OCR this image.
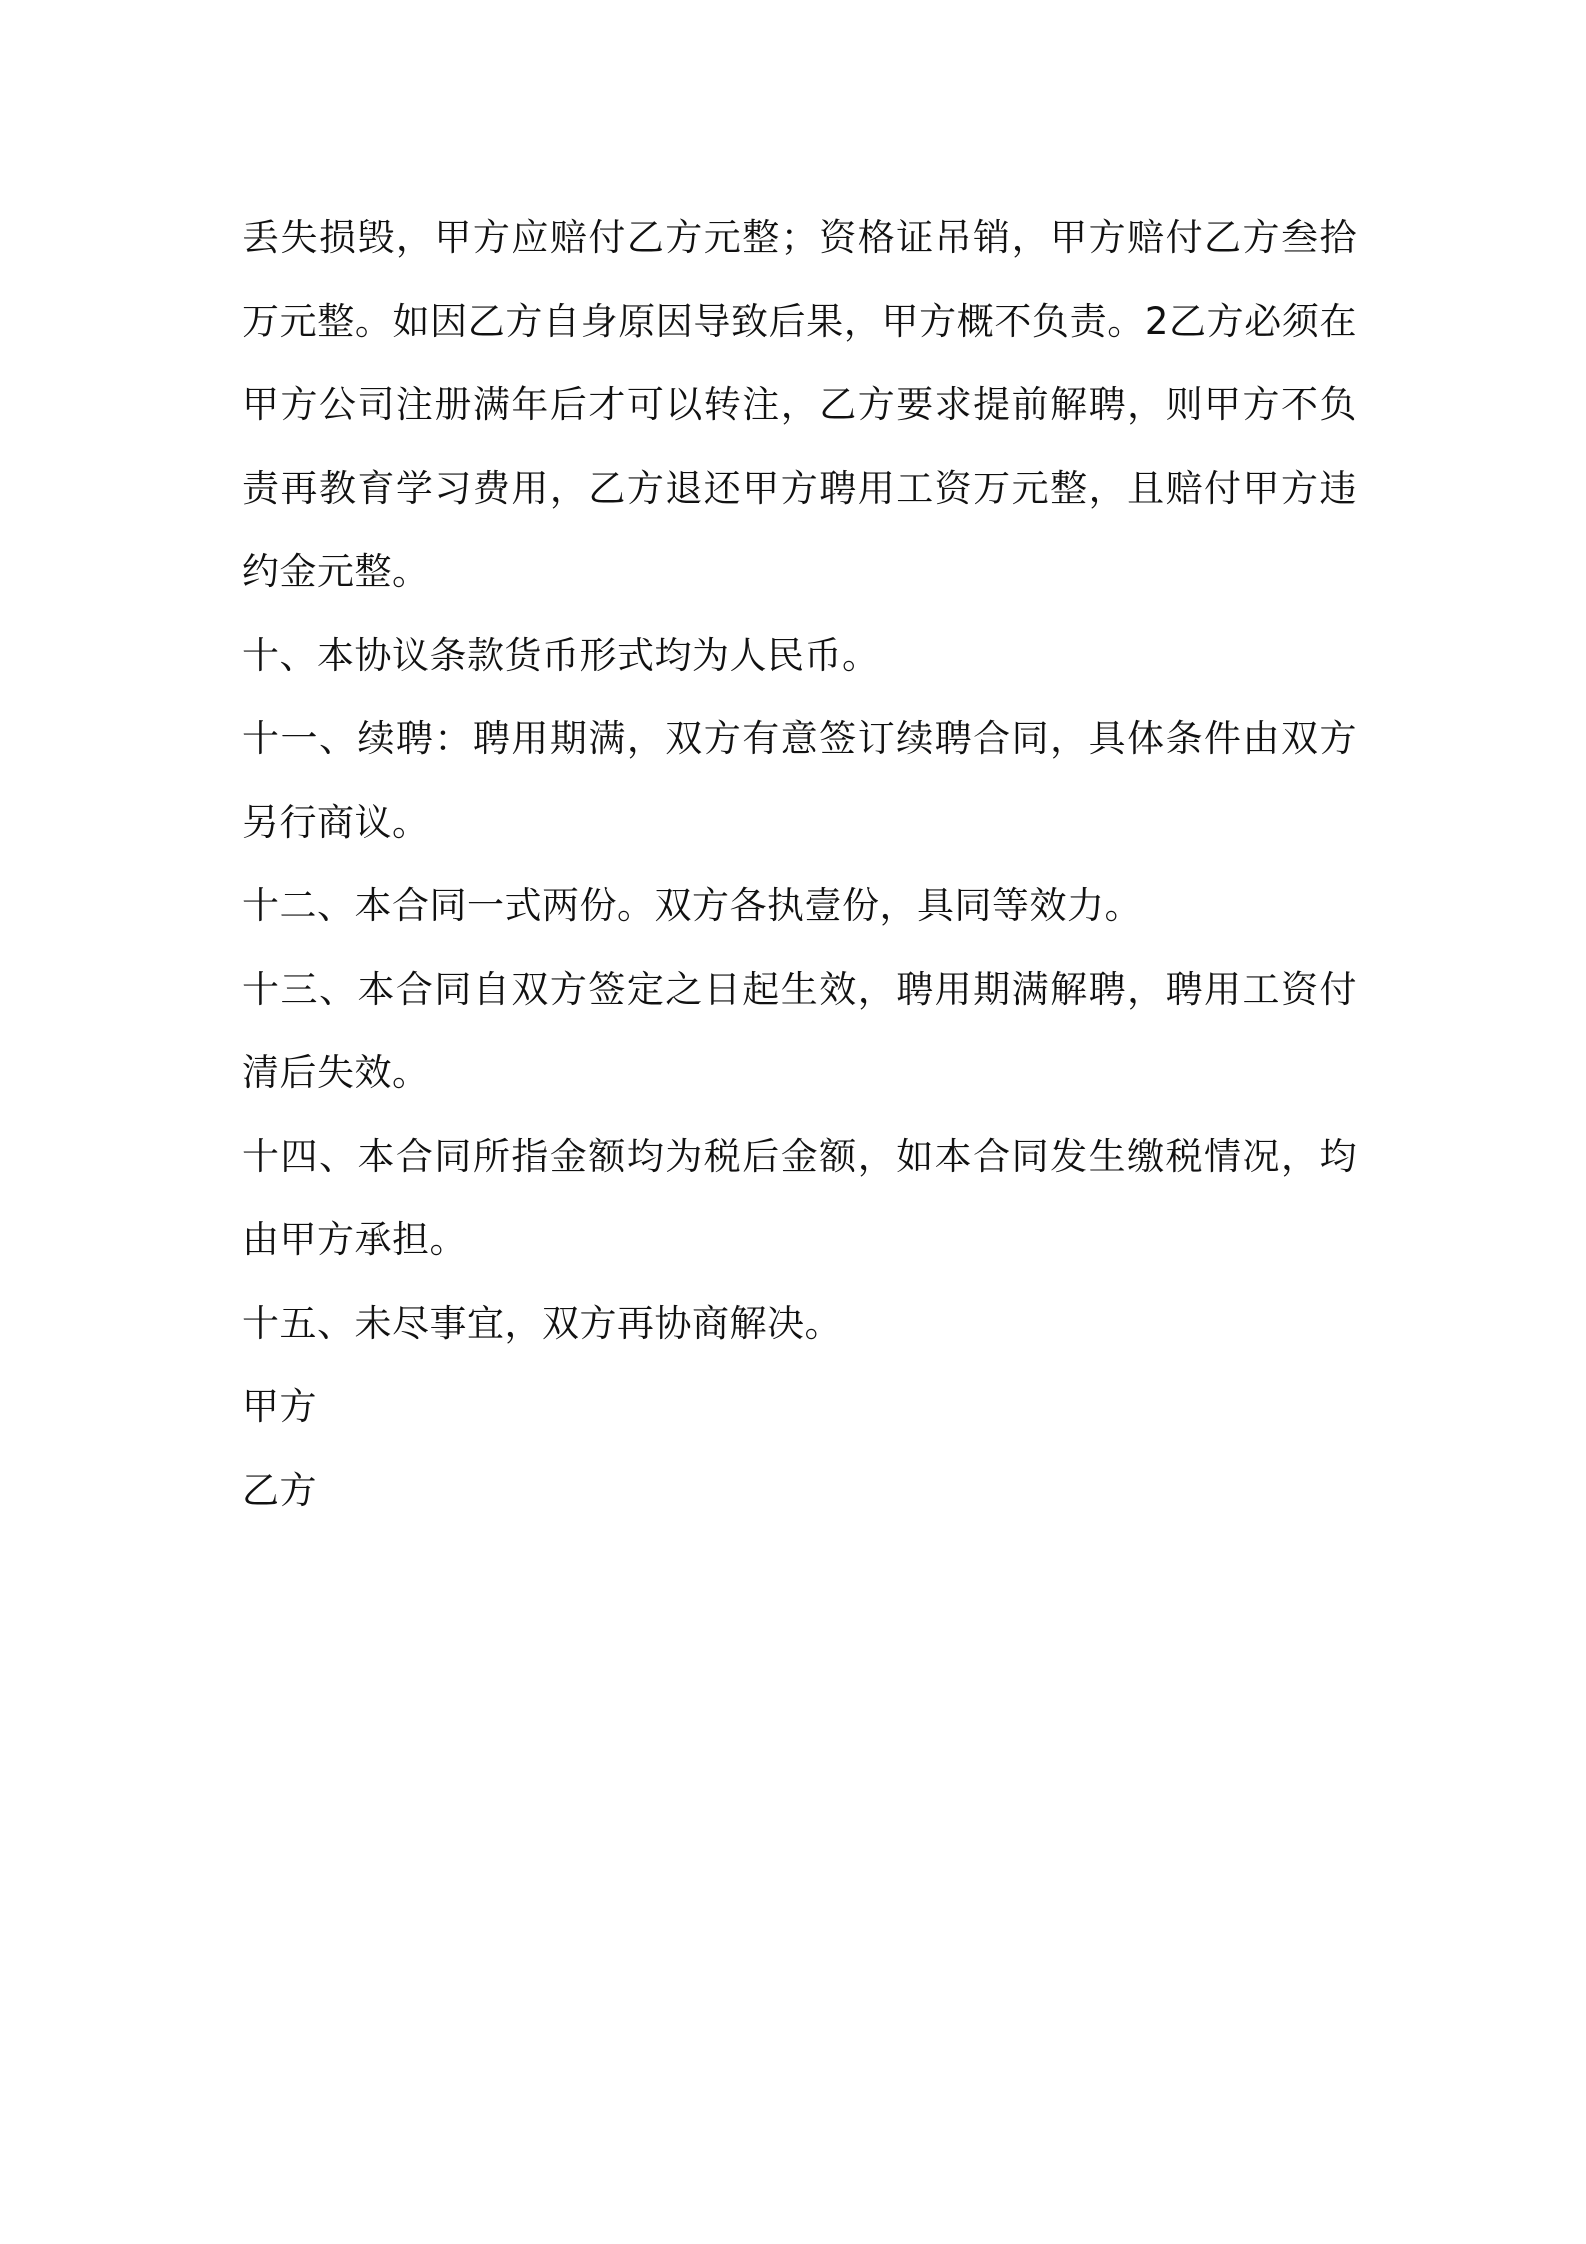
丢失损毁，甲方应赔付乙方元整；资格证吊销，甲方赔付乙方叁拾万元整。如因乙方自身原因导致后果，甲方概不负责。2乙方必须在甲方公司注册满年后才可以转注，乙方要求提前解聘，则甲方不负责再教育学习费用，乙方退还甲方聘用工资万元整，且赔付甲方违约金元整。

十、本协议条款货币形式均为人民币。

十一、续聘：聘用期满，双方有意签订续聘合同，具体条件由双方另行商议。

十二、本合同一式两份。双方各执壹份，具同等效力。

十三、本合同自双方签定之日起生效，聘用期满解聘，聘用工资付清后失效。

十四、本合同所指金额均为税后金额，如本合同发生缴税情况，均由甲方承担。

十五、未尽事宜，双方再协商解决。

甲方

乙方
